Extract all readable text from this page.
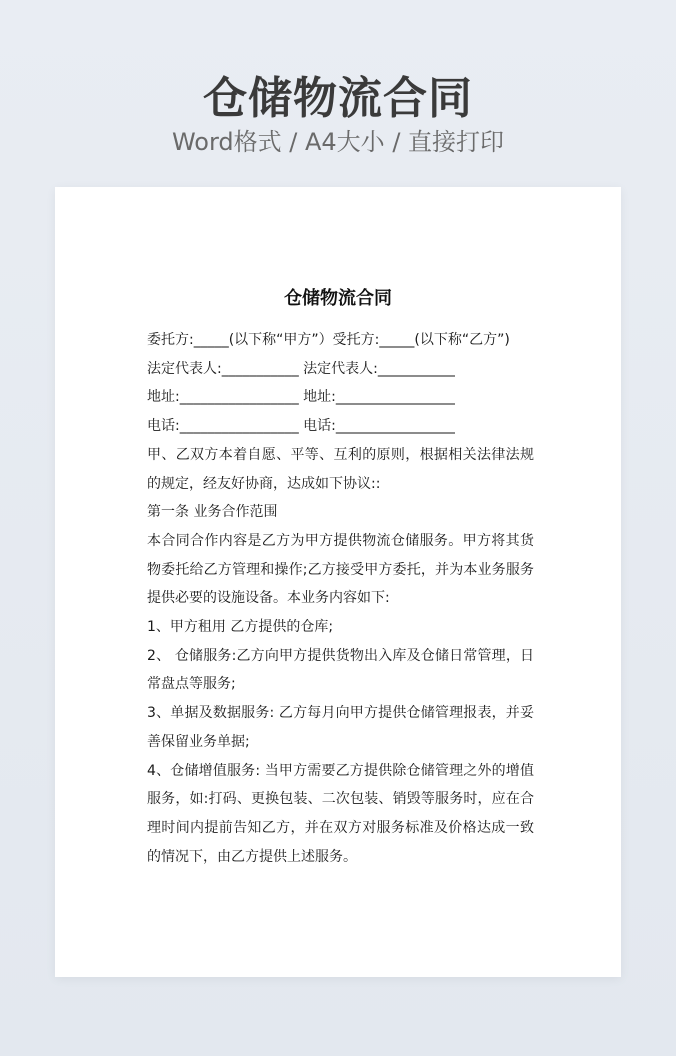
仓储物流合同
Word格式 / A4大小 / 直接打印
仓储物流合同

委托方:_____(以下称“甲方”）受托方:_____(以下称“乙方”)

法定代表人:___________ 法定代表人:___________

地址:_________________ 地址:_________________

电话:_________________ 电话:_________________

甲、乙双方本着自愿、平等、互利的原则，根据相关法律法规的规定，经友好协商，达成如下协议::

第一条 业务合作范围

本合同合作内容是乙方为甲方提供物流仓储服务。甲方将其货物委托给乙方管理和操作;乙方接受甲方委托，并为本业务服务提供必要的设施设备。本业务内容如下:

1、甲方租用 乙方提供的仓库;

2、 仓储服务:乙方向甲方提供货物出入库及仓储日常管理，日常盘点等服务;

3、单据及数据服务: 乙方每月向甲方提供仓储管理报表，并妥善保留业务单据;

4、仓储增值服务: 当甲方需要乙方提供除仓储管理之外的增值服务，如:打码、更换包装、二次包装、销毁等服务时，应在合理时间内提前告知乙方，并在双方对服务标准及价格达成一致的情况下，由乙方提供上述服务。
